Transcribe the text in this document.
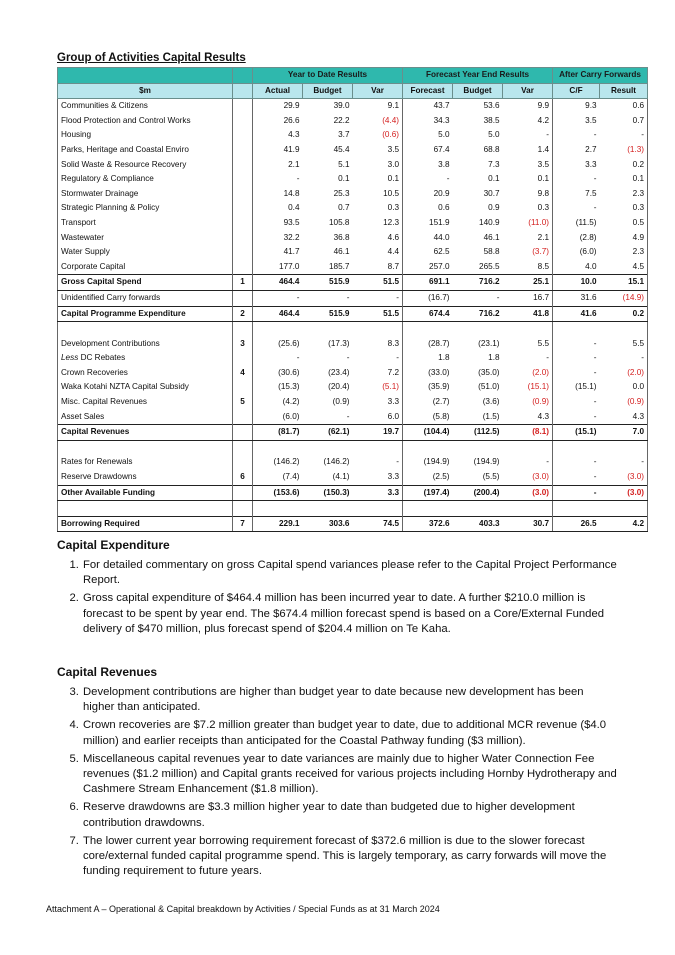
Group of Activities Capital Results
		Year to Date Results			Forecast Year End Results			After Carry Forwards	
$m		Actual	Budget	Var	Forecast	Budget	Var	C/F	Result
Communities & Citizens		29.9	39.0	9.1	43.7	53.6	9.9	9.3	0.6
Flood Protection and Control Works		26.6	22.2	(4.4)	34.3	38.5	4.2	3.5	0.7
Housing		4.3	3.7	(0.6)	5.0	5.0	-	-	-
Parks, Heritage and Coastal Enviro		41.9	45.4	3.5	67.4	68.8	1.4	2.7	(1.3)
Solid Waste & Resource Recovery		2.1	5.1	3.0	3.8	7.3	3.5	3.3	0.2
Regulatory & Compliance		-	0.1	0.1	-	0.1	0.1	-	0.1
Stormwater Drainage		14.8	25.3	10.5	20.9	30.7	9.8	7.5	2.3
Strategic Planning & Policy		0.4	0.7	0.3	0.6	0.9	0.3	-	0.3
Transport		93.5	105.8	12.3	151.9	140.9	(11.0)	(11.5)	0.5
Wastewater		32.2	36.8	4.6	44.0	46.1	2.1	(2.8)	4.9
Water Supply		41.7	46.1	4.4	62.5	58.8	(3.7)	(6.0)	2.3
Corporate Capital		177.0	185.7	8.7	257.0	265.5	8.5	4.0	4.5
Gross Capital Spend	1	464.4	515.9	51.5	691.1	716.2	25.1	10.0	15.1
Unidentified Carry forwards		-	-	-	(16.7)	-	16.7	31.6	(14.9)
Capital Programme Expenditure	2	464.4	515.9	51.5	674.4	716.2	41.8	41.6	0.2

Development Contributions	3	(25.6)	(17.3)	8.3	(28.7)	(23.1)	5.5	-	5.5
Less DC Rebates		-	-	-	1.8	1.8	-	-	-
Crown Recoveries	4	(30.6)	(23.4)	7.2	(33.0)	(35.0)	(2.0)	-	(2.0)
Waka Kotahi NZTA Capital Subsidy		(15.3)	(20.4)	(5.1)	(35.9)	(51.0)	(15.1)	(15.1)	0.0
Misc. Capital Revenues	5	(4.2)	(0.9)	3.3	(2.7)	(3.6)	(0.9)	-	(0.9)
Asset Sales		(6.0)	-	6.0	(5.8)	(1.5)	4.3	-	4.3
Capital Revenues		(81.7)	(62.1)	19.7	(104.4)	(112.5)	(8.1)	(15.1)	7.0

Rates for Renewals		(146.2)	(146.2)	-	(194.9)	(194.9)	-	-	-
Reserve Drawdowns	6	(7.4)	(4.1)	3.3	(2.5)	(5.5)	(3.0)	-	(3.0)
Other Available Funding		(153.6)	(150.3)	3.3	(197.4)	(200.4)	(3.0)	-	(3.0)

Borrowing Required	7	229.1	303.6	74.5	372.6	403.3	30.7	26.5	4.2
Capital Expenditure
1. For detailed commentary on gross Capital spend variances please refer to the Capital Project Performance Report.
2. Gross capital expenditure of $464.4 million has been incurred year to date. A further $210.0 million is forecast to be spent by year end. The $674.4 million forecast spend is based on a Core/External Funded delivery of $470 million, plus forecast spend of $204.4 million on Te Kaha.
Capital Revenues
3. Development contributions are higher than budget year to date because new development has been higher than anticipated.
4. Crown recoveries are $7.2 million greater than budget year to date, due to additional MCR revenue ($4.0 million) and earlier receipts than anticipated for the Coastal Pathway funding ($3 million).
5. Miscellaneous capital revenues year to date variances are mainly due to higher Water Connection Fee revenues ($1.2 million) and Capital grants received for various projects including Hornby Hydrotherapy and Cashmere Stream Enhancement ($1.8 million).
6. Reserve drawdowns are $3.3 million higher year to date than budgeted due to higher development contribution drawdowns.
7. The lower current year borrowing requirement forecast of $372.6 million is due to the slower forecast core/external funded capital programme spend. This is largely temporary, as carry forwards will move the funding requirement to future years.
Attachment A – Operational & Capital breakdown by Activities / Special Funds as at 31 March 2024
